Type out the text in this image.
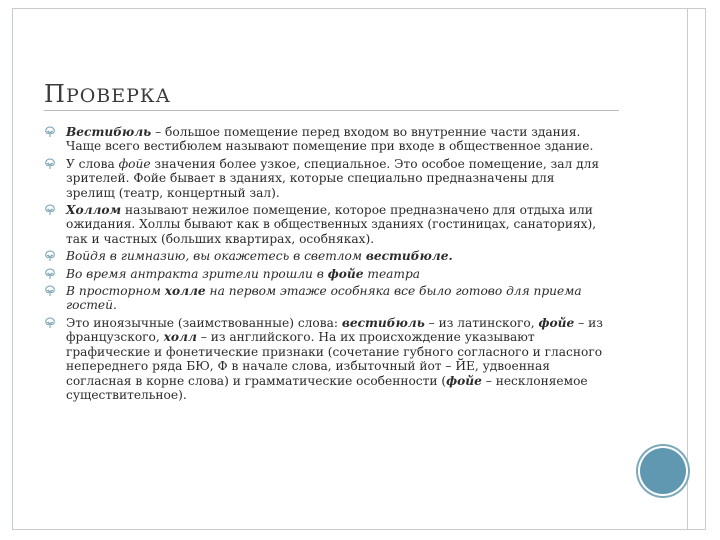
ПРОВЕРКА
Вестибюль – большое помещение перед входом во внутренние части здания. Чаще всего вестибюлем называют помещение при входе в общественное здание.
У слова фойе значения более узкое, специальное. Это особое помещение, зал для зрителей. Фойе бывает в зданиях, которые специально предназначены для зрелищ (театр, концертный зал).
Холлом называют нежилое помещение, которое предназначено для отдыха или ожидания. Холлы бывают как в общественных зданиях (гостиницах, санаториях), так и частных (больших квартирах, особняках).
Войдя в гимназию, вы окажетесь в светлом вестибюле.
Во время антракта зрители прошли в фойе театра
В просторном холле на первом этаже особняка все было готово для приема гостей.
Это иноязычные (заимствованные) слова: вестибюль – из латинского, фойе – из французского, холл – из английского. На их происхождение указывают графические и фонетические признаки (сочетание губного согласного и гласного непереднего ряда БЮ, Ф в начале слова, избыточный йот – ЙЕ, удвоенная согласная в корне слова) и грамматические особенности (фойе – несклоняемое существительное).
